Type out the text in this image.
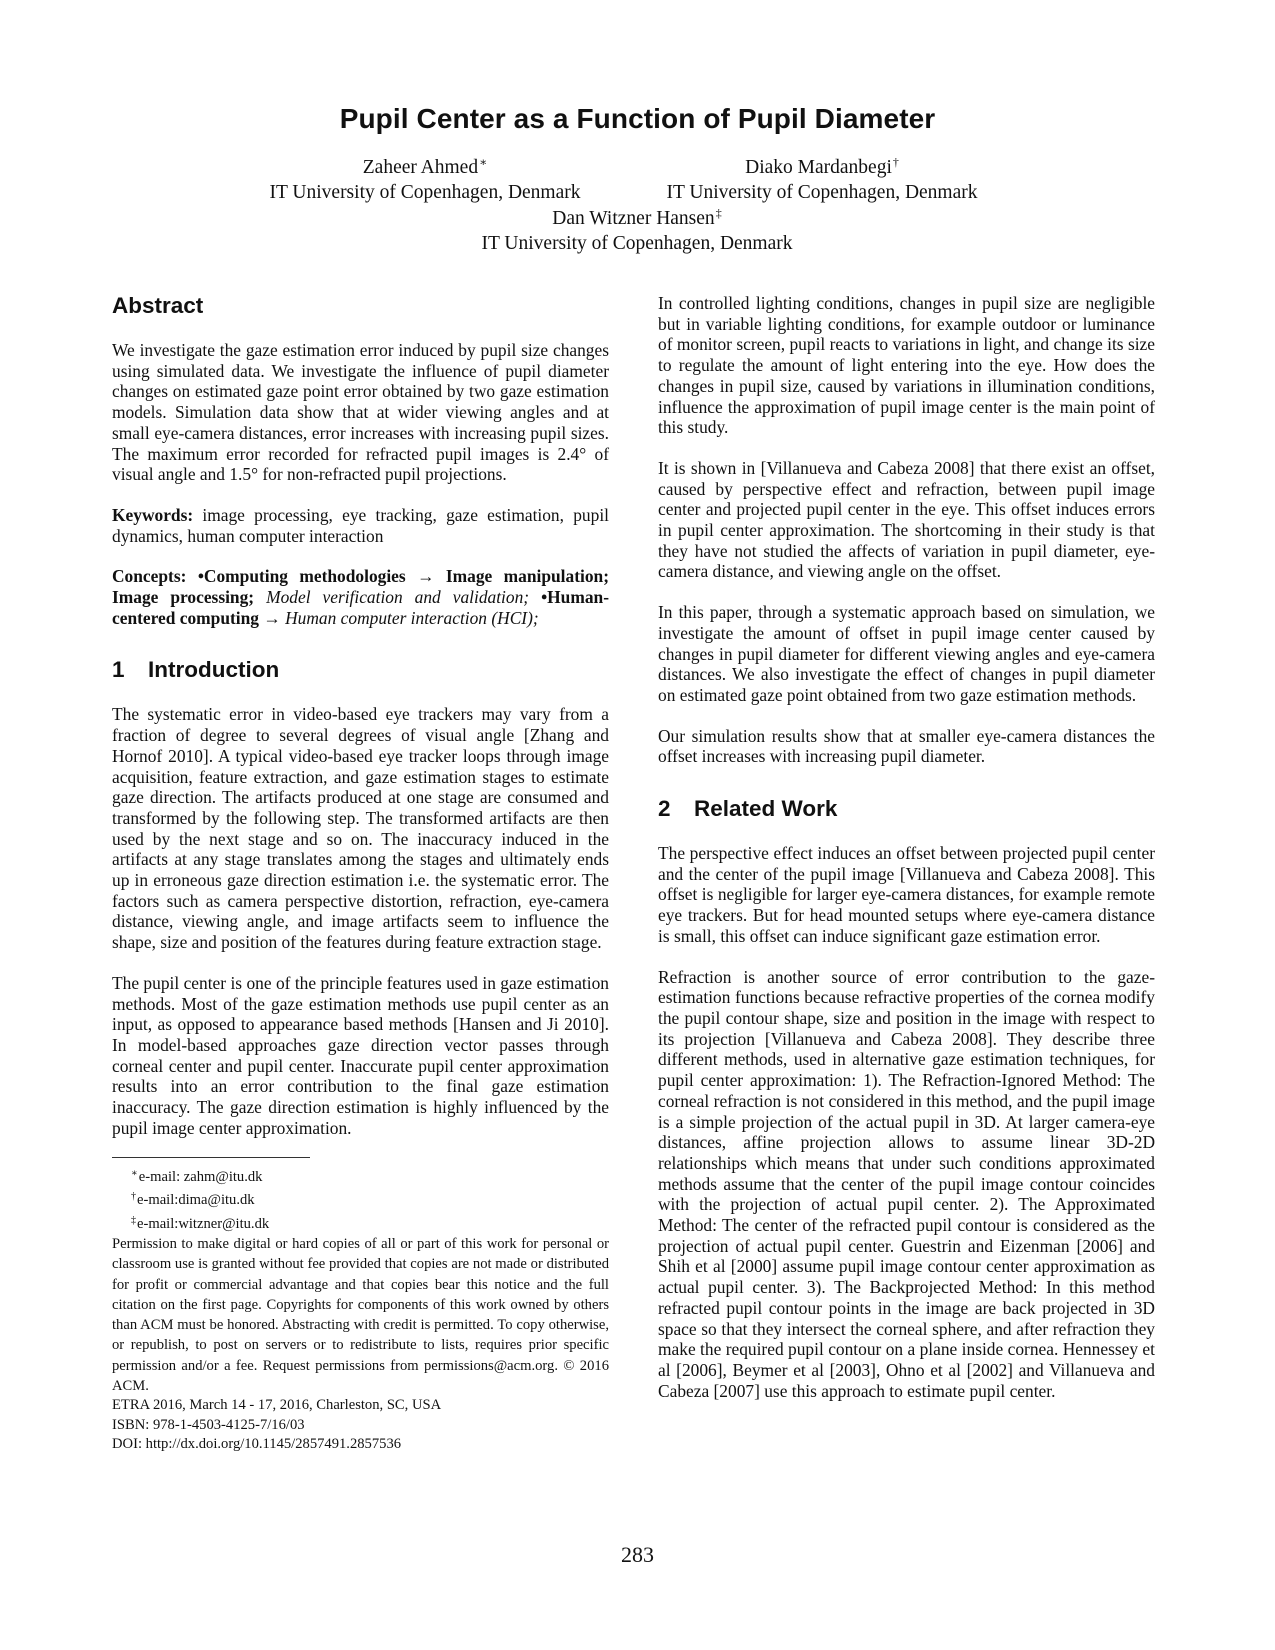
Pupil Center as a Function of Pupil Diameter
Zaheer Ahmed∗
IT University of Copenhagen, Denmark
Diako Mardanbegi†
IT University of Copenhagen, Denmark
Dan Witzner Hansen‡
IT University of Copenhagen, Denmark
Abstract

We investigate the gaze estimation error induced by pupil size changes using simulated data. We investigate the influence of pupil diameter changes on estimated gaze point error obtained by two gaze estimation models. Simulation data show that at wider viewing angles and at small eye-camera distances, error increases with increasing pupil sizes. The maximum error recorded for refracted pupil images is 2.4° of visual angle and 1.5° for non-refracted pupil projections.

Keywords: image processing, eye tracking, gaze estimation, pupil dynamics, human computer interaction

Concepts: •Computing methodologies → Image manipulation; Image processing; Model verification and validation; •Human-centered computing → Human computer interaction (HCI);

1 Introduction

The systematic error in video-based eye trackers may vary from a fraction of degree to several degrees of visual angle [Zhang and Hornof 2010]. A typical video-based eye tracker loops through image acquisition, feature extraction, and gaze estimation stages to estimate gaze direction. The artifacts produced at one stage are consumed and transformed by the following step. The transformed artifacts are then used by the next stage and so on. The inaccuracy induced in the artifacts at any stage translates among the stages and ultimately ends up in erroneous gaze direction estimation i.e. the systematic error. The factors such as camera perspective distortion, refraction, eye-camera distance, viewing angle, and image artifacts seem to influence the shape, size and position of the features during feature extraction stage.

The pupil center is one of the principle features used in gaze estimation methods. Most of the gaze estimation methods use pupil center as an input, as opposed to appearance based methods [Hansen and Ji 2010]. In model-based approaches gaze direction vector passes through corneal center and pupil center. Inaccurate pupil center approximation results into an error contribution to the final gaze estimation inaccuracy. The gaze direction estimation is highly influenced by the pupil image center approximation.

∗e-mail: zahm@itu.dk

†e-mail:dima@itu.dk

‡e-mail:witzner@itu.dk

Permission to make digital or hard copies of all or part of this work for personal or classroom use is granted without fee provided that copies are not made or distributed for profit or commercial advantage and that copies bear this notice and the full citation on the first page. Copyrights for components of this work owned by others than ACM must be honored. Abstracting with credit is permitted. To copy otherwise, or republish, to post on servers or to redistribute to lists, requires prior specific permission and/or a fee. Request permissions from permissions@acm.org. © 2016 ACM.

ETRA 2016, March 14 - 17, 2016, Charleston, SC, USA

ISBN: 978-1-4503-4125-7/16/03

DOI: http://dx.doi.org/10.1145/2857491.2857536

In controlled lighting conditions, changes in pupil size are negligible but in variable lighting conditions, for example outdoor or luminance of monitor screen, pupil reacts to variations in light, and change its size to regulate the amount of light entering into the eye. How does the changes in pupil size, caused by variations in illumination conditions, influence the approximation of pupil image center is the main point of this study.

It is shown in [Villanueva and Cabeza 2008] that there exist an offset, caused by perspective effect and refraction, between pupil image center and projected pupil center in the eye. This offset induces errors in pupil center approximation. The shortcoming in their study is that they have not studied the affects of variation in pupil diameter, eye-camera distance, and viewing angle on the offset.

In this paper, through a systematic approach based on simulation, we investigate the amount of offset in pupil image center caused by changes in pupil diameter for different viewing angles and eye-camera distances. We also investigate the effect of changes in pupil diameter on estimated gaze point obtained from two gaze estimation methods.

Our simulation results show that at smaller eye-camera distances the offset increases with increasing pupil diameter.

2 Related Work

The perspective effect induces an offset between projected pupil center and the center of the pupil image [Villanueva and Cabeza 2008]. This offset is negligible for larger eye-camera distances, for example remote eye trackers. But for head mounted setups where eye-camera distance is small, this offset can induce significant gaze estimation error.

Refraction is another source of error contribution to the gaze-estimation functions because refractive properties of the cornea modify the pupil contour shape, size and position in the image with respect to its projection [Villanueva and Cabeza 2008]. They describe three different methods, used in alternative gaze estimation techniques, for pupil center approximation: 1). The Refraction-Ignored Method: The corneal refraction is not considered in this method, and the pupil image is a simple projection of the actual pupil in 3D. At larger camera-eye distances, affine projection allows to assume linear 3D-2D relationships which means that under such conditions approximated methods assume that the center of the pupil image contour coincides with the projection of actual pupil center. 2). The Approximated Method: The center of the refracted pupil contour is considered as the projection of actual pupil center. Guestrin and Eizenman [2006] and Shih et al [2000] assume pupil image contour center approximation as actual pupil center. 3). The Backprojected Method: In this method refracted pupil contour points in the image are back projected in 3D space so that they intersect the corneal sphere, and after refraction they make the required pupil contour on a plane inside cornea. Hennessey et al [2006], Beymer et al [2003], Ohno et al [2002] and Villanueva and Cabeza [2007] use this approach to estimate pupil center.

283
